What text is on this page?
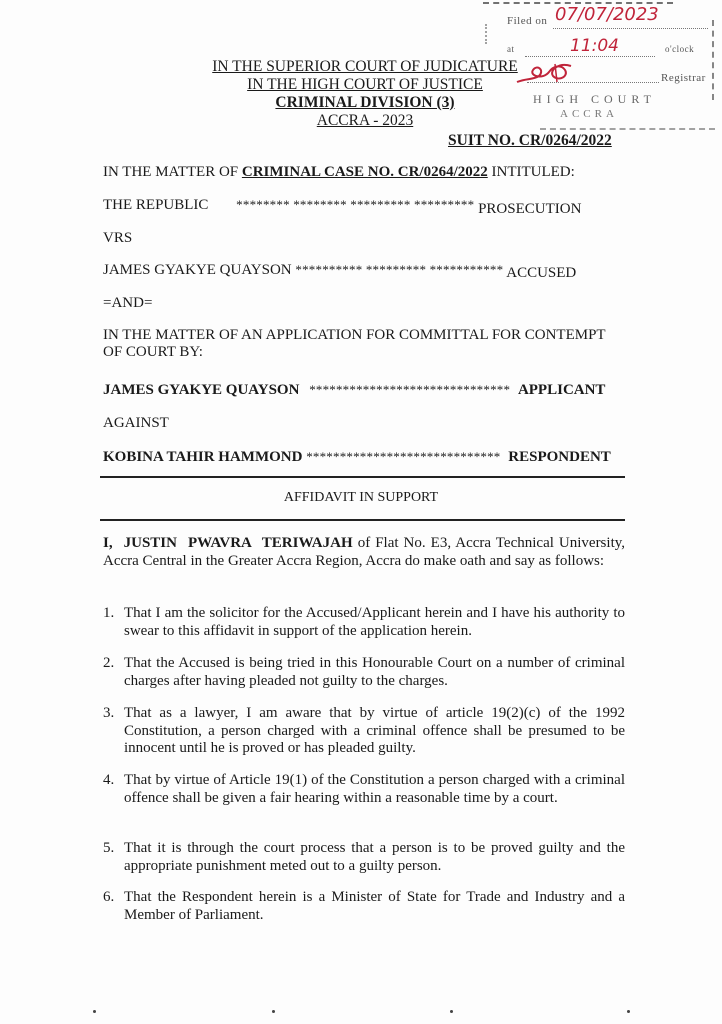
Filed on 07/07/2023
at	11:04	o'clock
Registrar
HIGH COURT
ACCRA
IN THE SUPERIOR COURT OF JUDICATURE
IN THE HIGH COURT OF JUSTICE
CRIMINAL DIVISION (3)
ACCRA - 2023
SUIT NO. CR/0264/2022
IN THE MATTER OF CRIMINAL CASE NO. CR/0264/2022 INTITULED:
THE REPUBLIC ******** ******** ********* ********* PROSECUTION
VRS
JAMES GYAKYE QUAYSON ********** ********* *********** ACCUSED
=AND=
IN THE MATTER OF AN APPLICATION FOR COMMITTAL FOR CONTEMPT OF COURT BY:
JAMES GYAKYE QUAYSON ****************************** APPLICANT
AGAINST
KOBINA TAHIR HAMMOND ***************************** RESPONDENT
AFFIDAVIT IN SUPPORT
I, JUSTIN PWAVRA TERIWAJAH of Flat No. E3, Accra Technical University, Accra Central in the Greater Accra Region, Accra do make oath and say as follows:
1. That I am the solicitor for the Accused/Applicant herein and I have his authority to swear to this affidavit in support of the application herein.
2. That the Accused is being tried in this Honourable Court on a number of criminal charges after having pleaded not guilty to the charges.
3. That as a lawyer, I am aware that by virtue of article 19(2)(c) of the 1992 Constitution, a person charged with a criminal offence shall be presumed to be innocent until he is proved or has pleaded guilty.
4. That by virtue of Article 19(1) of the Constitution a person charged with a criminal offence shall be given a fair hearing within a reasonable time by a court.
5. That it is through the court process that a person is to be proved guilty and the appropriate punishment meted out to a guilty person.
6. That the Respondent herein is a Minister of State for Trade and Industry and a Member of Parliament.
